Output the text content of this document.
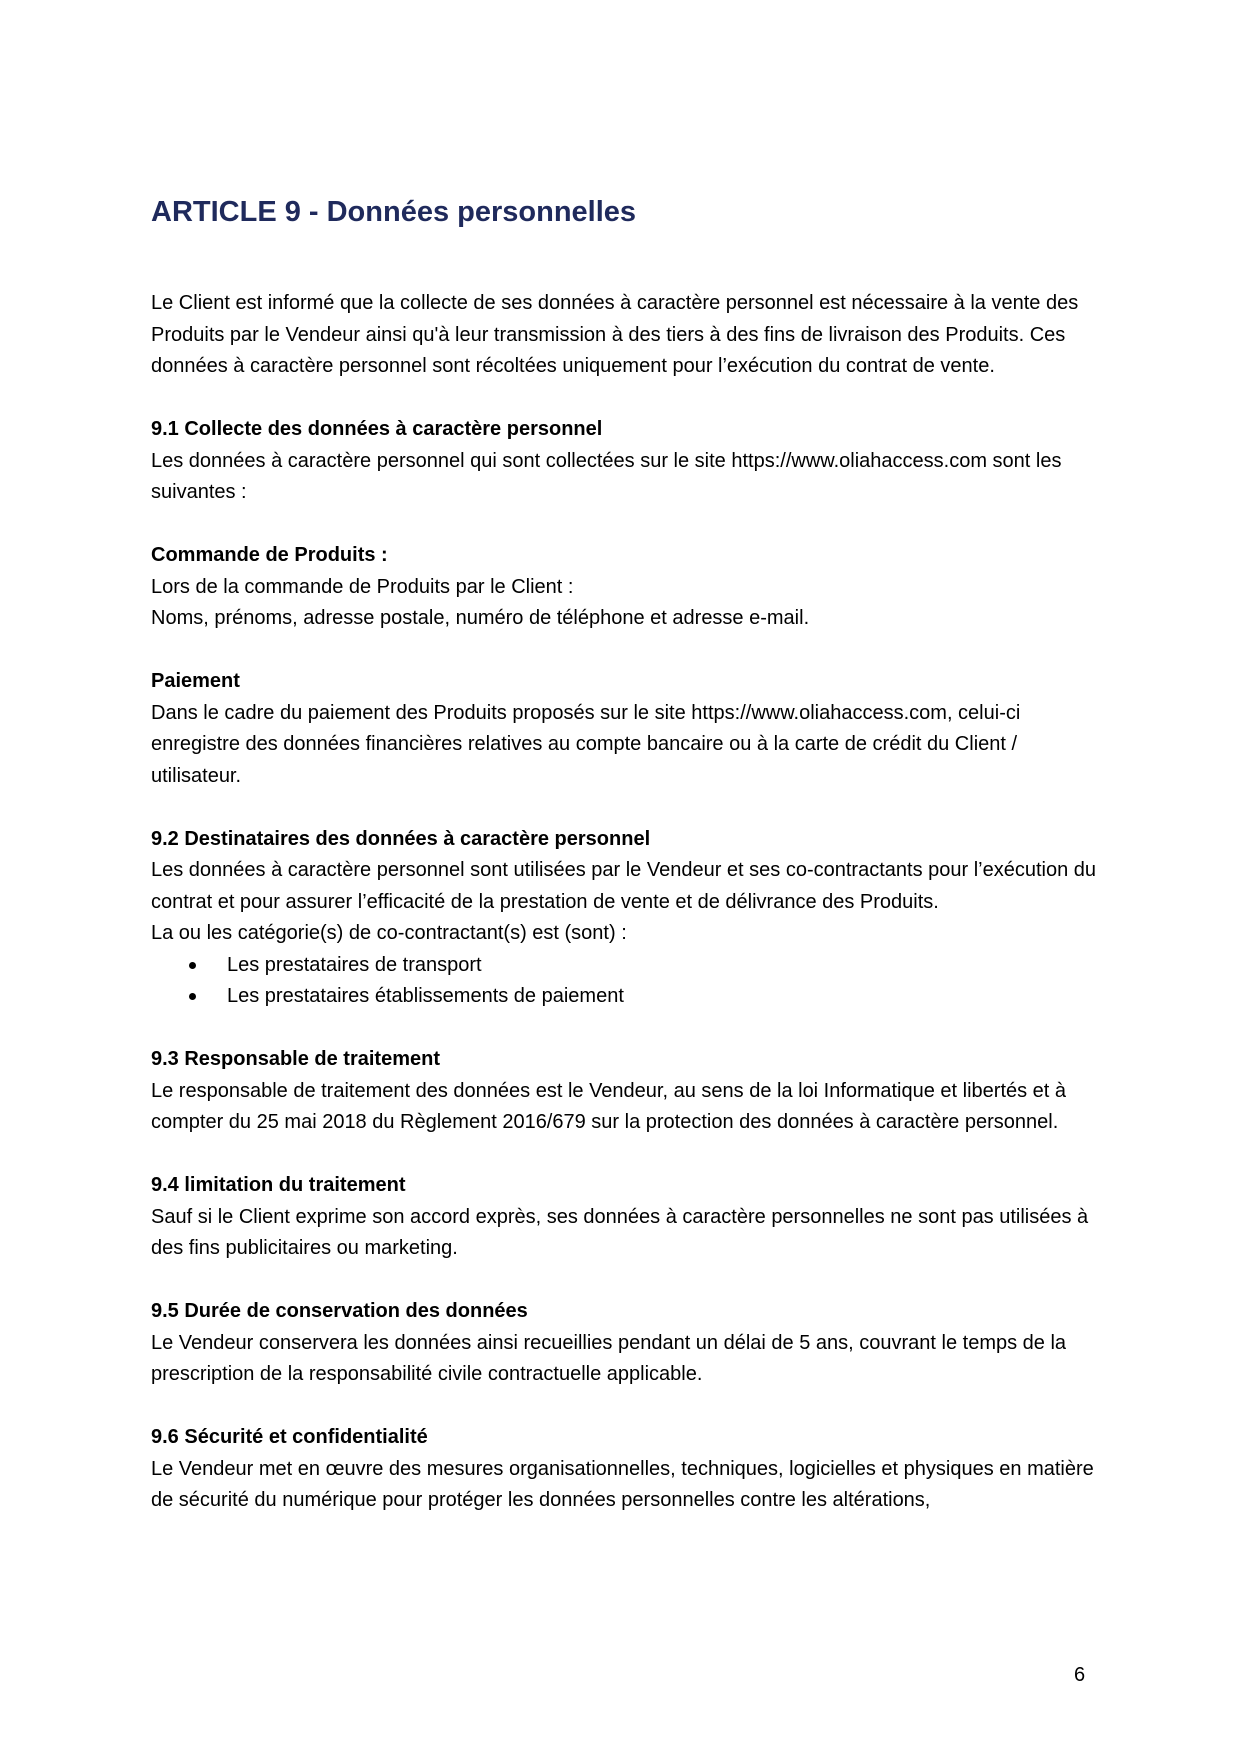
ARTICLE 9 - Données personnelles

Le Client est informé que la collecte de ses données à caractère personnel est nécessaire à la vente des Produits par le Vendeur ainsi qu'à leur transmission à des tiers à des fins de livraison des Produits. Ces données à caractère personnel sont récoltées uniquement pour l’exécution du contrat de vente.

9.1 Collecte des données à caractère personnel

Les données à caractère personnel qui sont collectées sur le site https://www.oliahaccess.com sont les suivantes :

Commande de Produits :

Lors de la commande de Produits par le Client :

Noms, prénoms, adresse postale, numéro de téléphone et adresse e-mail.

Paiement

Dans le cadre du paiement des Produits proposés sur le site https://www.oliahaccess.com, celui-ci enregistre des données financières relatives au compte bancaire ou à la carte de crédit du Client / utilisateur.

9.2 Destinataires des données à caractère personnel

Les données à caractère personnel sont utilisées par le Vendeur et ses co-contractants pour l’exécution du contrat et pour assurer l’efficacité de la prestation de vente et de délivrance des Produits.

La ou les catégorie(s) de co-contractant(s) est (sont) :

Les prestataires de transport
Les prestataires établissements de paiement

9.3 Responsable de traitement

Le responsable de traitement des données est le Vendeur, au sens de la loi Informatique et libertés et à compter du 25 mai 2018 du Règlement 2016/679 sur la protection des données à caractère personnel.

9.4 limitation du traitement

Sauf si le Client exprime son accord exprès, ses données à caractère personnelles ne sont pas utilisées à des fins publicitaires ou marketing.

9.5 Durée de conservation des données

Le Vendeur conservera les données ainsi recueillies pendant un délai de 5 ans, couvrant le temps de la prescription de la responsabilité civile contractuelle applicable.

9.6 Sécurité et confidentialité

Le Vendeur met en œuvre des mesures organisationnelles, techniques, logicielles et physiques en matière de sécurité du numérique pour protéger les données personnelles contre les altérations,

6
